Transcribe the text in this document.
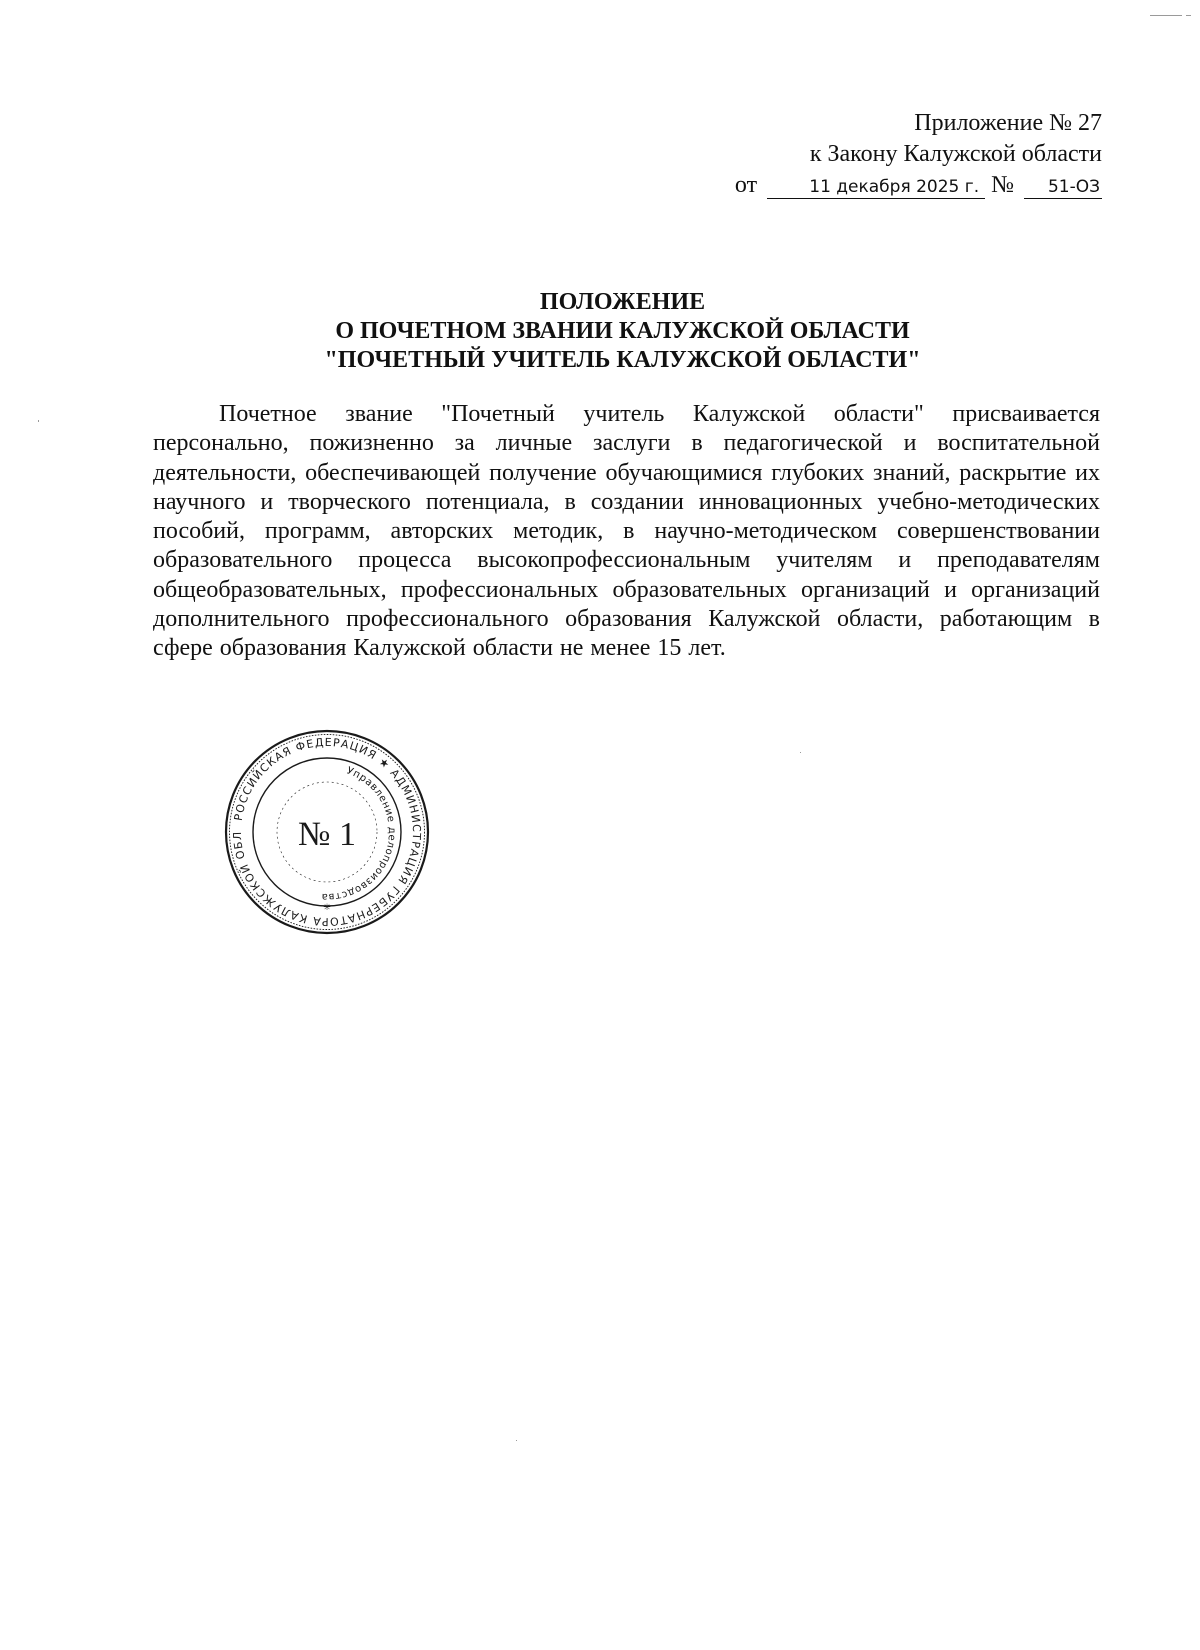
Приложение № 27
к Закону Калужской области
от	11 декабря 2025 г. №	51-ОЗ
ПОЛОЖЕНИЕ
О ПОЧЕТНОМ ЗВАНИИ КАЛУЖСКОЙ ОБЛАСТИ
"ПОЧЕТНЫЙ УЧИТЕЛЬ КАЛУЖСКОЙ ОБЛАСТИ"

Почетное звание "Почетный учитель Калужской области" присваивается персонально, пожизненно за личные заслуги в педагогической и воспитательной деятельности, обеспечивающей получение обучающимися глубоких знаний, раскрытие их научного и творческого потенциала, в создании инновационных учебно-методических пособий, программ, авторских методик, в научно-методическом совершенствовании образовательного процесса высокопрофессиональным учителям и преподавателям общеобразовательных, профессиональных образовательных организаций и организаций дополнительного профессионального образования Калужской области, работающим в сфере образования Калужской области не менее 15 лет.

РОССИЙСКАЯ ФЕДЕРАЦИЯ ★ АДМИНИСТРАЦИЯ ГУБЕРНАТОРА КАЛУЖСКОЙ ОБЛ
Управление делопроизводства
№ 1
✳
